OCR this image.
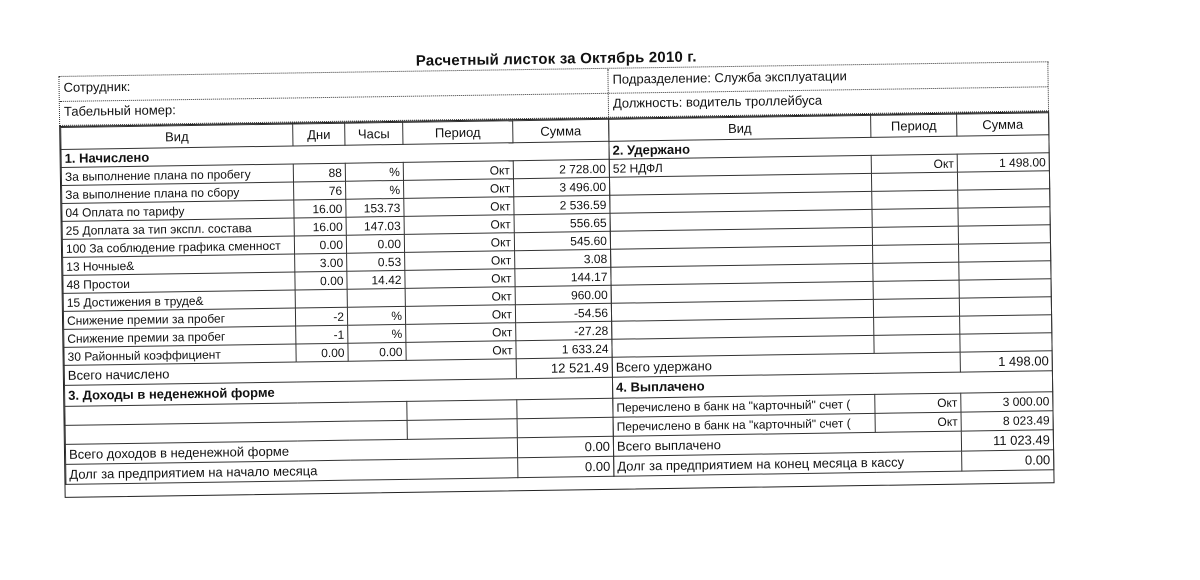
Расчетный листок за Октябрь 2010 г.
Сотрудник:
Подразделение: Служба эксплуатации
Табельный номер:	Должность: водитель троллейбуса
Вид	Дни	Часы	Период	Сумма
1. Начислено				
За выполнение плана по пробегу	88	%	Окт	2 728.00
За выполнение плана по сбору	76	%	Окт	3 496.00
04 Оплата по тарифу	16.00	153.73	Окт	2 536.59
25 Доплата за тип экспл. состава	16.00	147.03	Окт	556.65
100 За соблюдение графика сменност	0.00	0.00	Окт	545.60
13 Ночные&	3.00	0.53	Окт	3.08
48 Простои	0.00	14.42	Окт	144.17
15 Достижения в труде&			Окт	960.00
Снижение премии за пробег	-2	%	Окт	-54.56
Снижение премии за пробег	-1	%	Окт	-27.28
30 Районный коэффициент	0.00	0.00	Окт	1 633.24
Всего начислено				12 521.49
3. Доходы в неденежной форме				

Всего доходов в неденежной форме				0.00
Долг за предприятием на начало месяца				0.00
Вид	Период	Сумма
2. Удержано		
52 НДФЛ	Окт	1 498.00

Всего удержано		1 498.00
4. Выплачено		
Перечислено в банк на "карточный" счет (	Окт	3 000.00
Перечислено в банк на "карточный" счет (	Окт	8 023.49
Всего выплачено		11 023.49
Долг за предприятием на конец месяца в кассу		0.00
